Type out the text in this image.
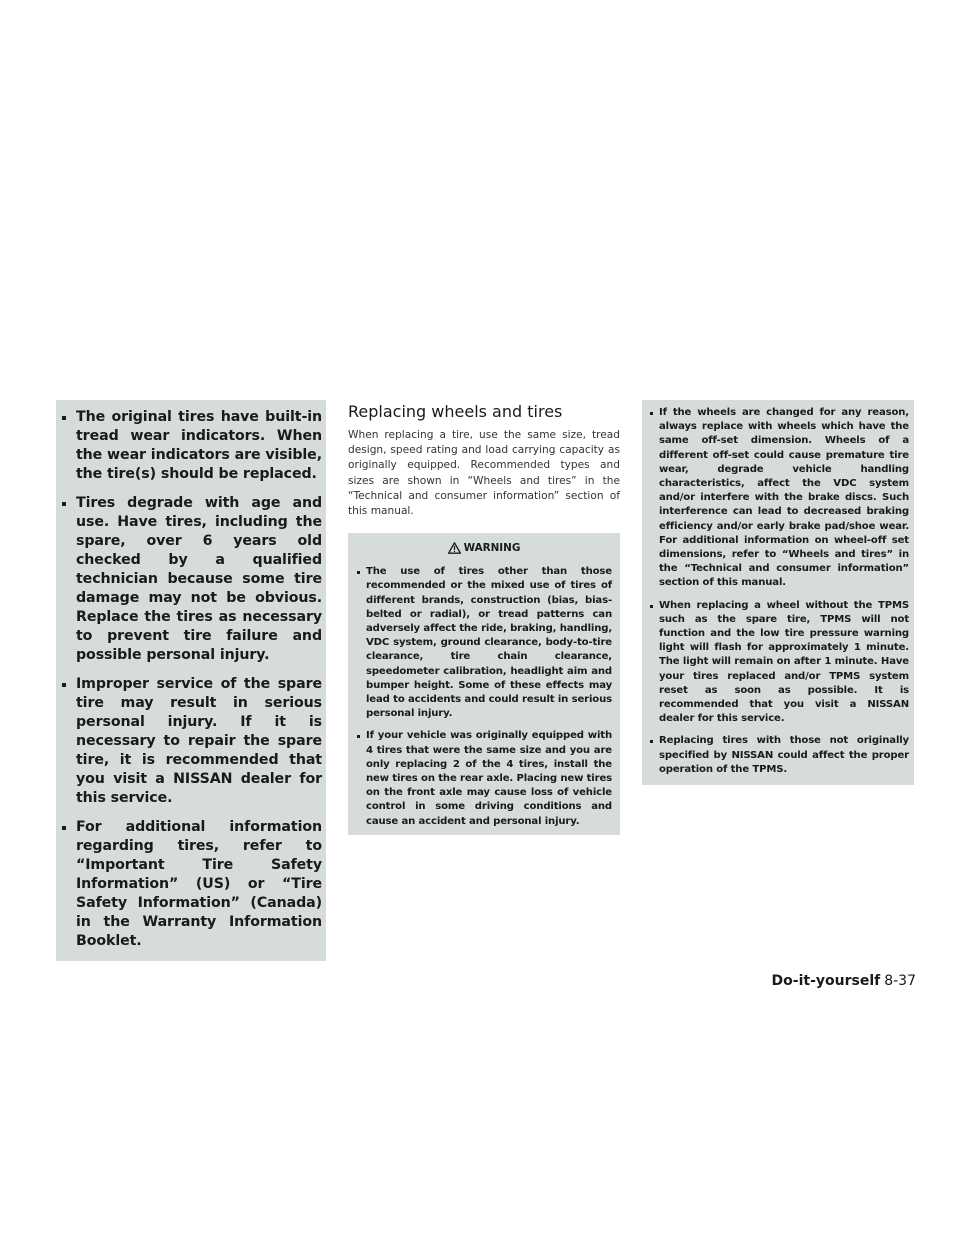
The original tires have built-in tread wear indicators. When the wear indicators are visible, the tire(s) should be replaced.
Tires degrade with age and use. Have tires, including the spare, over 6 years old checked by a qualified technician because some tire damage may not be obvious. Replace the tires as necessary to prevent tire failure and possible personal injury.
Improper service of the spare tire may result in serious personal injury. If it is necessary to repair the spare tire, it is recommended that you visit a NISSAN dealer for this service.
For additional information regarding tires, refer to “Important Tire Safety Information” (US) or “Tire Safety Information” (Canada) in the Warranty Information Booklet.
Replacing wheels and tires

When replacing a tire, use the same size, tread design, speed rating and load carrying capacity as originally equipped. Recommended types and sizes are shown in “Wheels and tires” in the “Technical and consumer information” section of this manual.

WARNING
The use of tires other than those recommended or the mixed use of tires of different brands, construction (bias, bias-belted or radial), or tread patterns can adversely affect the ride, braking, handling, VDC system, ground clearance, body-to-tire clearance, tire chain clearance, speedometer calibration, headlight aim and bumper height. Some of these effects may lead to accidents and could result in serious personal injury.
If your vehicle was originally equipped with 4 tires that were the same size and you are only replacing 2 of the 4 tires, install the new tires on the rear axle. Placing new tires on the front axle may cause loss of vehicle control in some driving conditions and cause an accident and personal injury.
If the wheels are changed for any reason, always replace with wheels which have the same off-set dimension. Wheels of a different off-set could cause premature tire wear, degrade vehicle handling characteristics, affect the VDC system and/or interfere with the brake discs. Such interference can lead to decreased braking efficiency and/or early brake pad/shoe wear. For additional information on wheel-off set dimensions, refer to “Wheels and tires” in the “Technical and consumer information” section of this manual.
When replacing a wheel without the TPMS such as the spare tire, TPMS will not function and the low tire pressure warning light will flash for approximately 1 minute. The light will remain on after 1 minute. Have your tires replaced and/or TPMS system reset as soon as possible. It is recommended that you visit a NISSAN dealer for this service.
Replacing tires with those not originally specified by NISSAN could affect the proper operation of the TPMS.
Do-it-yourself 8-37
